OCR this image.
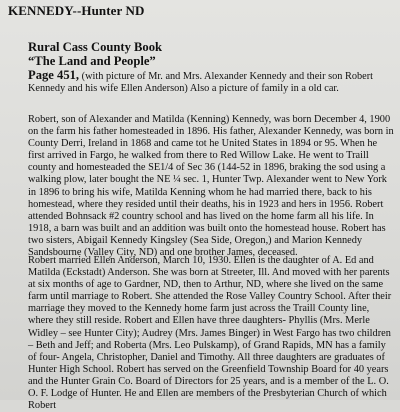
KENNEDY--Hunter ND
Rural Cass County Book
“The Land and People”
Page 451, (with picture of Mr. and Mrs. Alexander Kennedy and their son Robert Kennedy and his wife Ellen Anderson) Also a picture of family in a old car.
Robert, son of Alexander and Matilda (Kenning) Kennedy, was born December 4, 1900 on the farm his father homesteaded in 1896. His father, Alexander Kennedy, was born in County Derri, Ireland in 1868 and came tot he United States in 1894 or 95. When he first arrived in Fargo, he walked from there to Red Willow Lake. He went to Traill county and homesteaded the SE1/4 of Sec 36 (144-52 in 1896, braking the sod using a walking plow, later bought the NE ¼ sec. 1, Hunter Twp. Alexander went to New York in 1896 to bring his wife, Matilda Kenning whom he had married there, back to his homestead, where they resided until their deaths, his in 1923 and hers in 1956. Robert attended Bohnsack #2 country school and has lived on the home farm all his life. In 1918, a barn was built and an addition was built onto the homestead house. Robert has two sisters, Abigail Kennedy Kingsley (Sea Side, Oregon,) and Marion Kennedy Sandsbourne (Valley City, ND) and one brother James, deceased.
Robert married Ellen Anderson, March 10, 1930. Ellen is the daughter of A. Ed and Matilda (Eckstadt) Anderson. She was born at Streeter, Ill. And moved with her parents at six months of age to Gardner, ND, then to Arthur, ND, where she lived on the same farm until marriage to Robert. She attended the Rose Valley Country School. After their marriage they moved to the Kennedy home farm just across the Traill County line, where they still reside. Robert and Ellen have three daughters- Phyllis (Mrs. Merle Widley – see Hunter City); Audrey (Mrs. James Binger) in West Fargo has two children – Beth and Jeff; and Roberta (Mrs. Leo Pulskamp), of Grand Rapids, MN has a family of four- Angela, Christopher, Daniel and Timothy. All three daughters are graduates of Hunter High School. Robert has served on the Greenfield Township Board for 40 years and the Hunter Grain Co. Board of Directors for 25 years, and is a member of the L. O. O. F. Lodge of Hunter. He and Ellen are members of the Presbyterian Church of which Robert
